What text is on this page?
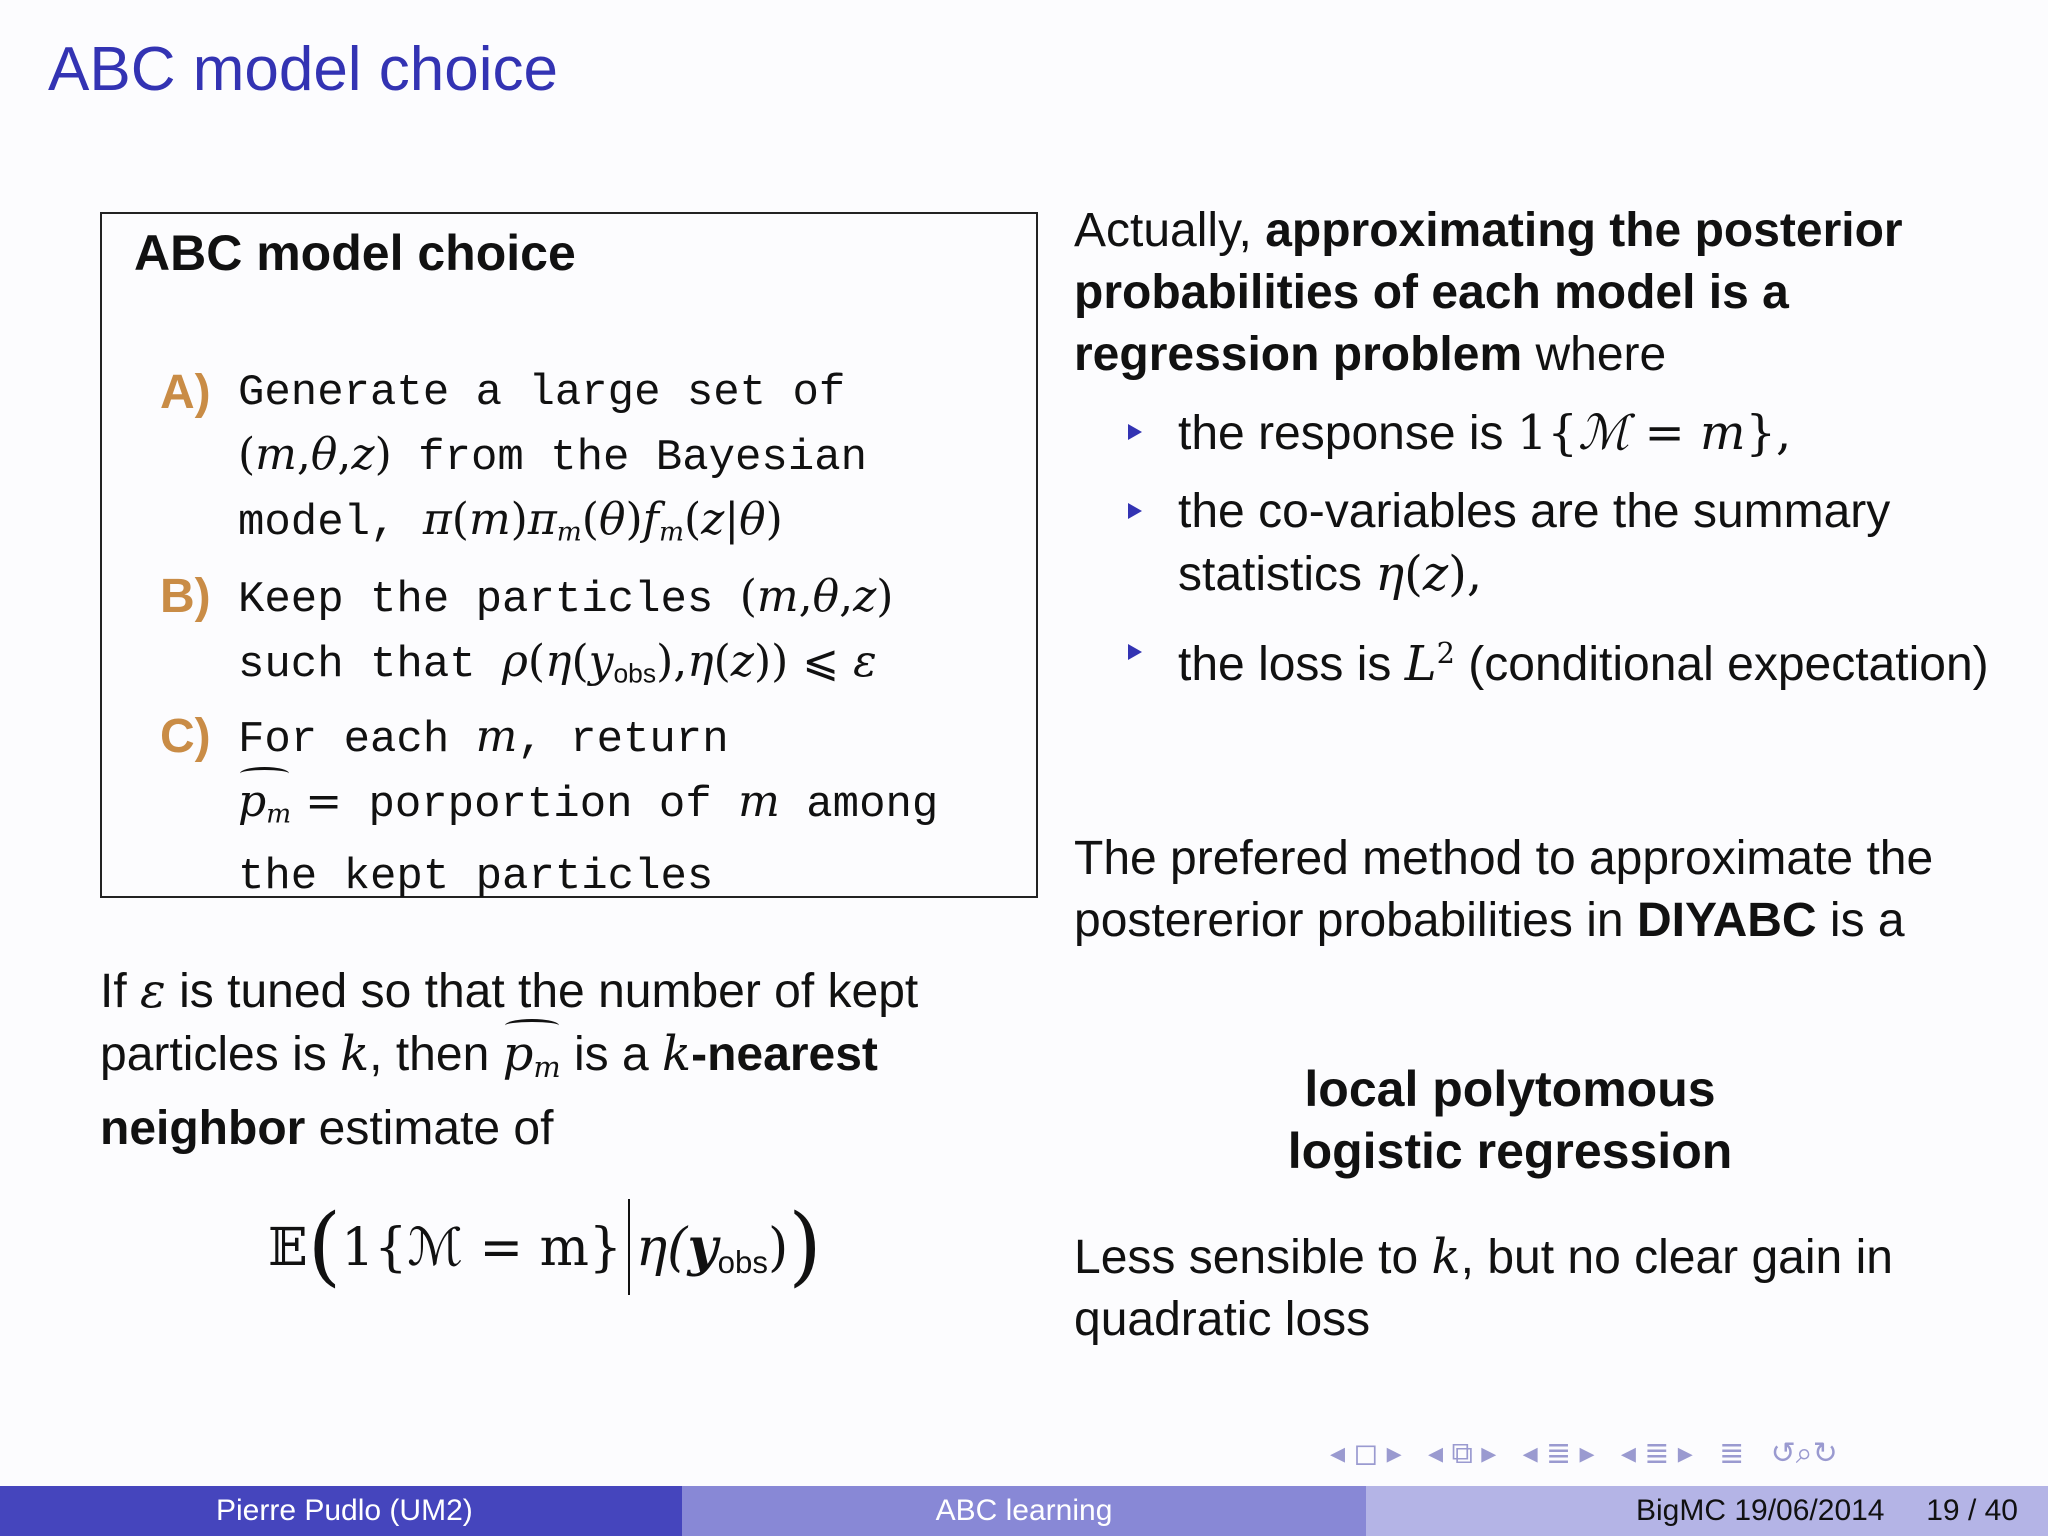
ABC model choice
ABC model choice
A) Generate a large set of
(m,θ,z) from the Bayesian
model, $\pi(m)\pi_m(\theta)f_m(z|\theta)$
B) Keep the particles (m,θ,z)
such that $\rho(\eta(y_{obs}),\eta(z))$ ⩽ ε
C) For each m, return
$p_m$ = porportion of m among
the kept particles
If ε is tuned so that the number of kept particles is k, then $p_m$ is a k-nearest neighbor estimate of
𝔼(1{ℳ = m} $\eta(y_{obs})$)
Actually, approximating the posterior probabilities of each model is a regression problem where
the response is 1{ℳ = m},
the co-variables are the summary statistics η(z),
the loss is $L^2$ (conditional expectation)
The prefered method to approximate the postererior probabilities in DIYABC is a
local polytomous
logistic regression
Less sensible to k, but no clear gain in quadratic loss
◂ ◻ ▸ ◂ ⧉ ▸ ◂ ≣ ▸ ◂ ≣ ▸ ≣ ↺⌕↻
Pierre Pudlo (UM2)	ABC learning	BigMC 19/06/2014 19 / 40
